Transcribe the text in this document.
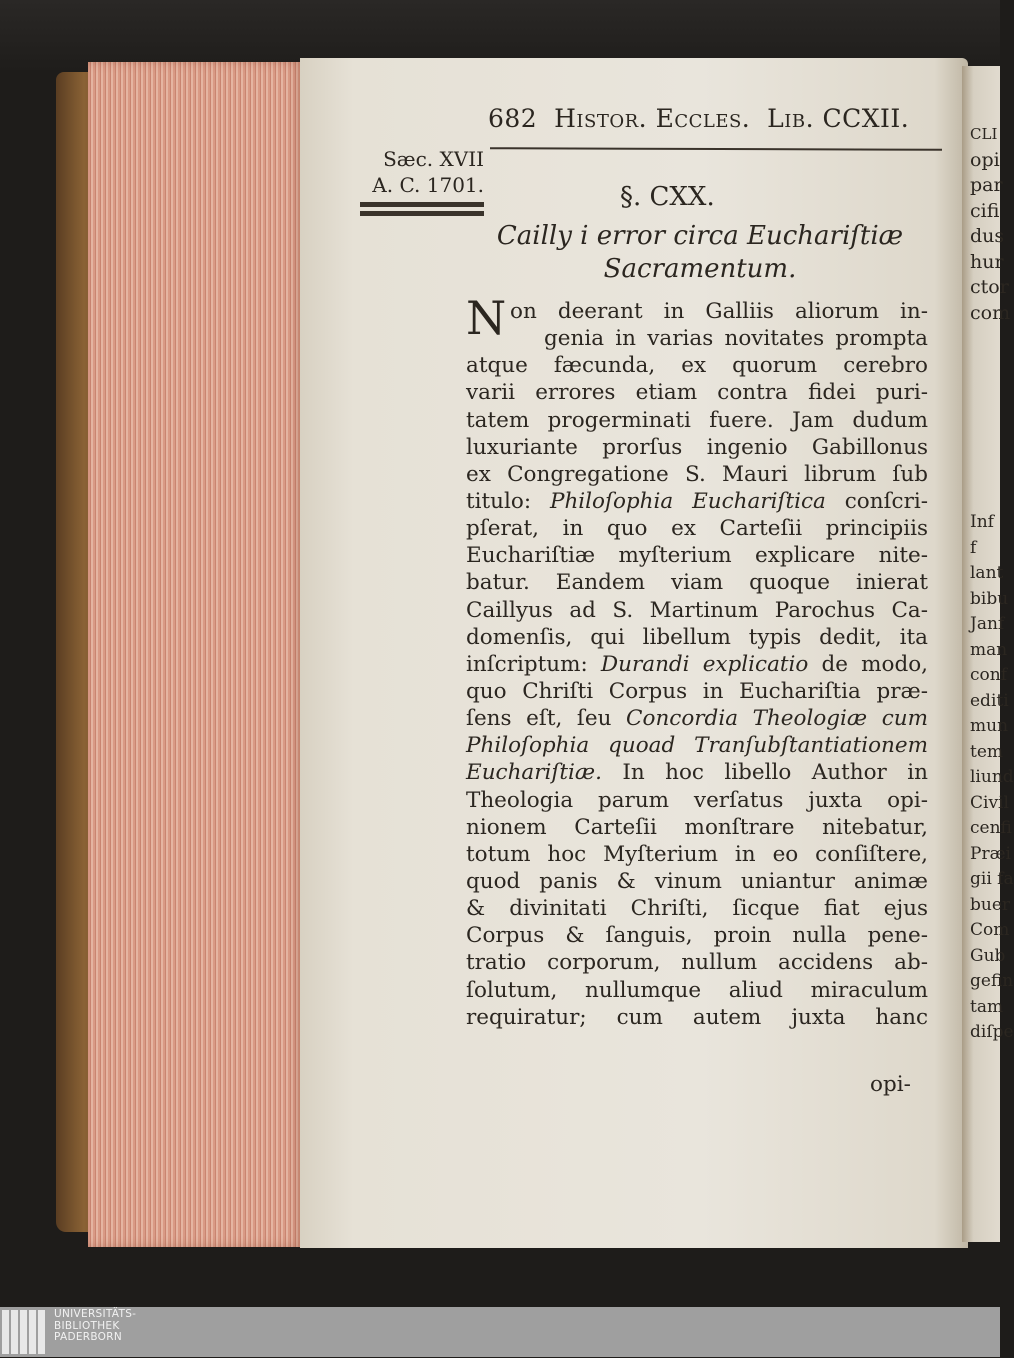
682 Histor. Eccles. Lib. CCXII.
Sæc. XVII
A. C. 1701.	§. CXX.
Cailly i error circa Euchariſtiæ
Sacramentum.
N on deerant in Galliis aliorum in-
genia in varias novitates prompta
atque fæcunda, ex quorum cerebro
varii errores etiam contra fidei puri-
tatem progerminati fuere. Jam dudum
luxuriante prorſus ingenio Gabillonus
ex Congregatione S. Mauri librum ſub
titulo: Philoſophia Euchariſtica conſcri-
pſerat, in quo ex Carteſii principiis
Euchariſtiæ myſterium explicare nite-
batur. Eandem viam quoque inierat
Caillyus ad S. Martinum Parochus Ca-
domenſis, qui libellum typis dedit, ita
inſcriptum: Durandi explicatio de modo,
quo Chriſti Corpus in Euchariſtia præ-
ſens eſt, ſeu Concordia Theologiæ cum
Philoſophia quoad Tranſubſtantiationem
Euchariſtiæ. In hoc libello Author in
Theologia parum verſatus juxta opi-
nionem Carteſii monſtrare nitebatur,
totum hoc Myſterium in eo conſiſtere,
quod panis & vinum uniantur animæ
& divinitati Chriſti, ſicque fiat ejus
Corpus & ſanguis, proin nulla pene-
tratio corporum, nullum accidens ab-
ſolutum, nullumque aliud miraculum
requiratur; cum autem juxta hanc
opi-
CLI
opi
par
cifi
dus
hur
ctor
com
Inf
f
lant
bibu
Janf
man
conf
editi
mun
tem
liund
Civil
cenfi
Præi
gii fa
buer
Com
Gub
gefin
tam
diſpe
UNIVERSITÄTS-
BIBLIOTHEK
PADERBORN
